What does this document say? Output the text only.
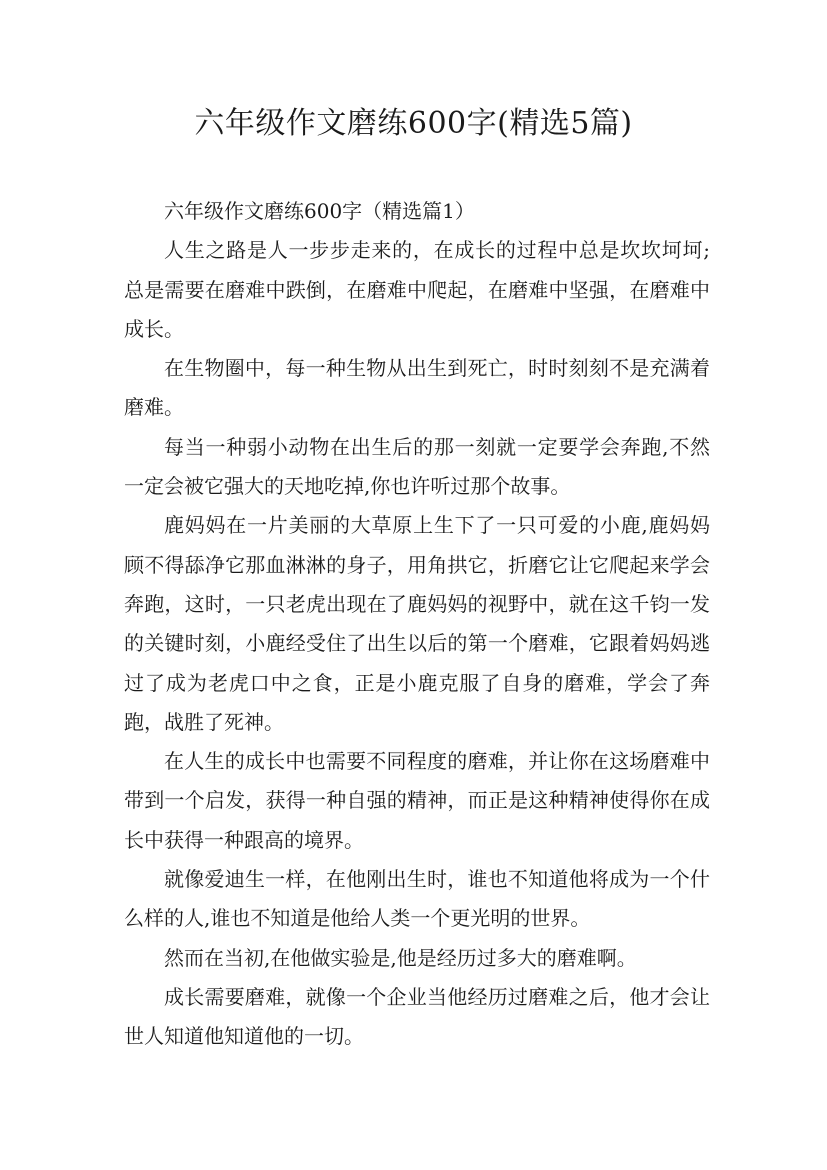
六年级作文磨练600字(精选5篇)

六年级作文磨练600字（精选篇1）

人生之路是人一步步走来的，在成长的过程中总是坎坎坷坷;总是需要在磨难中跌倒，在磨难中爬起，在磨难中坚强，在磨难中成长。

在生物圈中，每一种生物从出生到死亡，时时刻刻不是充满着磨难。

每当一种弱小动物在出生后的那一刻就一定要学会奔跑,不然一定会被它强大的天地吃掉,你也许听过那个故事。

鹿妈妈在一片美丽的大草原上生下了一只可爱的小鹿,鹿妈妈顾不得舔净它那血淋淋的身子，用角拱它，折磨它让它爬起来学会奔跑，这时，一只老虎出现在了鹿妈妈的视野中，就在这千钧一发的关键时刻，小鹿经受住了出生以后的第一个磨难，它跟着妈妈逃过了成为老虎口中之食，正是小鹿克服了自身的磨难，学会了奔跑，战胜了死神。

在人生的成长中也需要不同程度的磨难，并让你在这场磨难中带到一个启发，获得一种自强的精神，而正是这种精神使得你在成长中获得一种跟高的境界。

就像爱迪生一样，在他刚出生时，谁也不知道他将成为一个什么样的人,谁也不知道是他给人类一个更光明的世界。

然而在当初,在他做实验是,他是经历过多大的磨难啊。

成长需要磨难，就像一个企业当他经历过磨难之后，他才会让世人知道他知道他的一切。
